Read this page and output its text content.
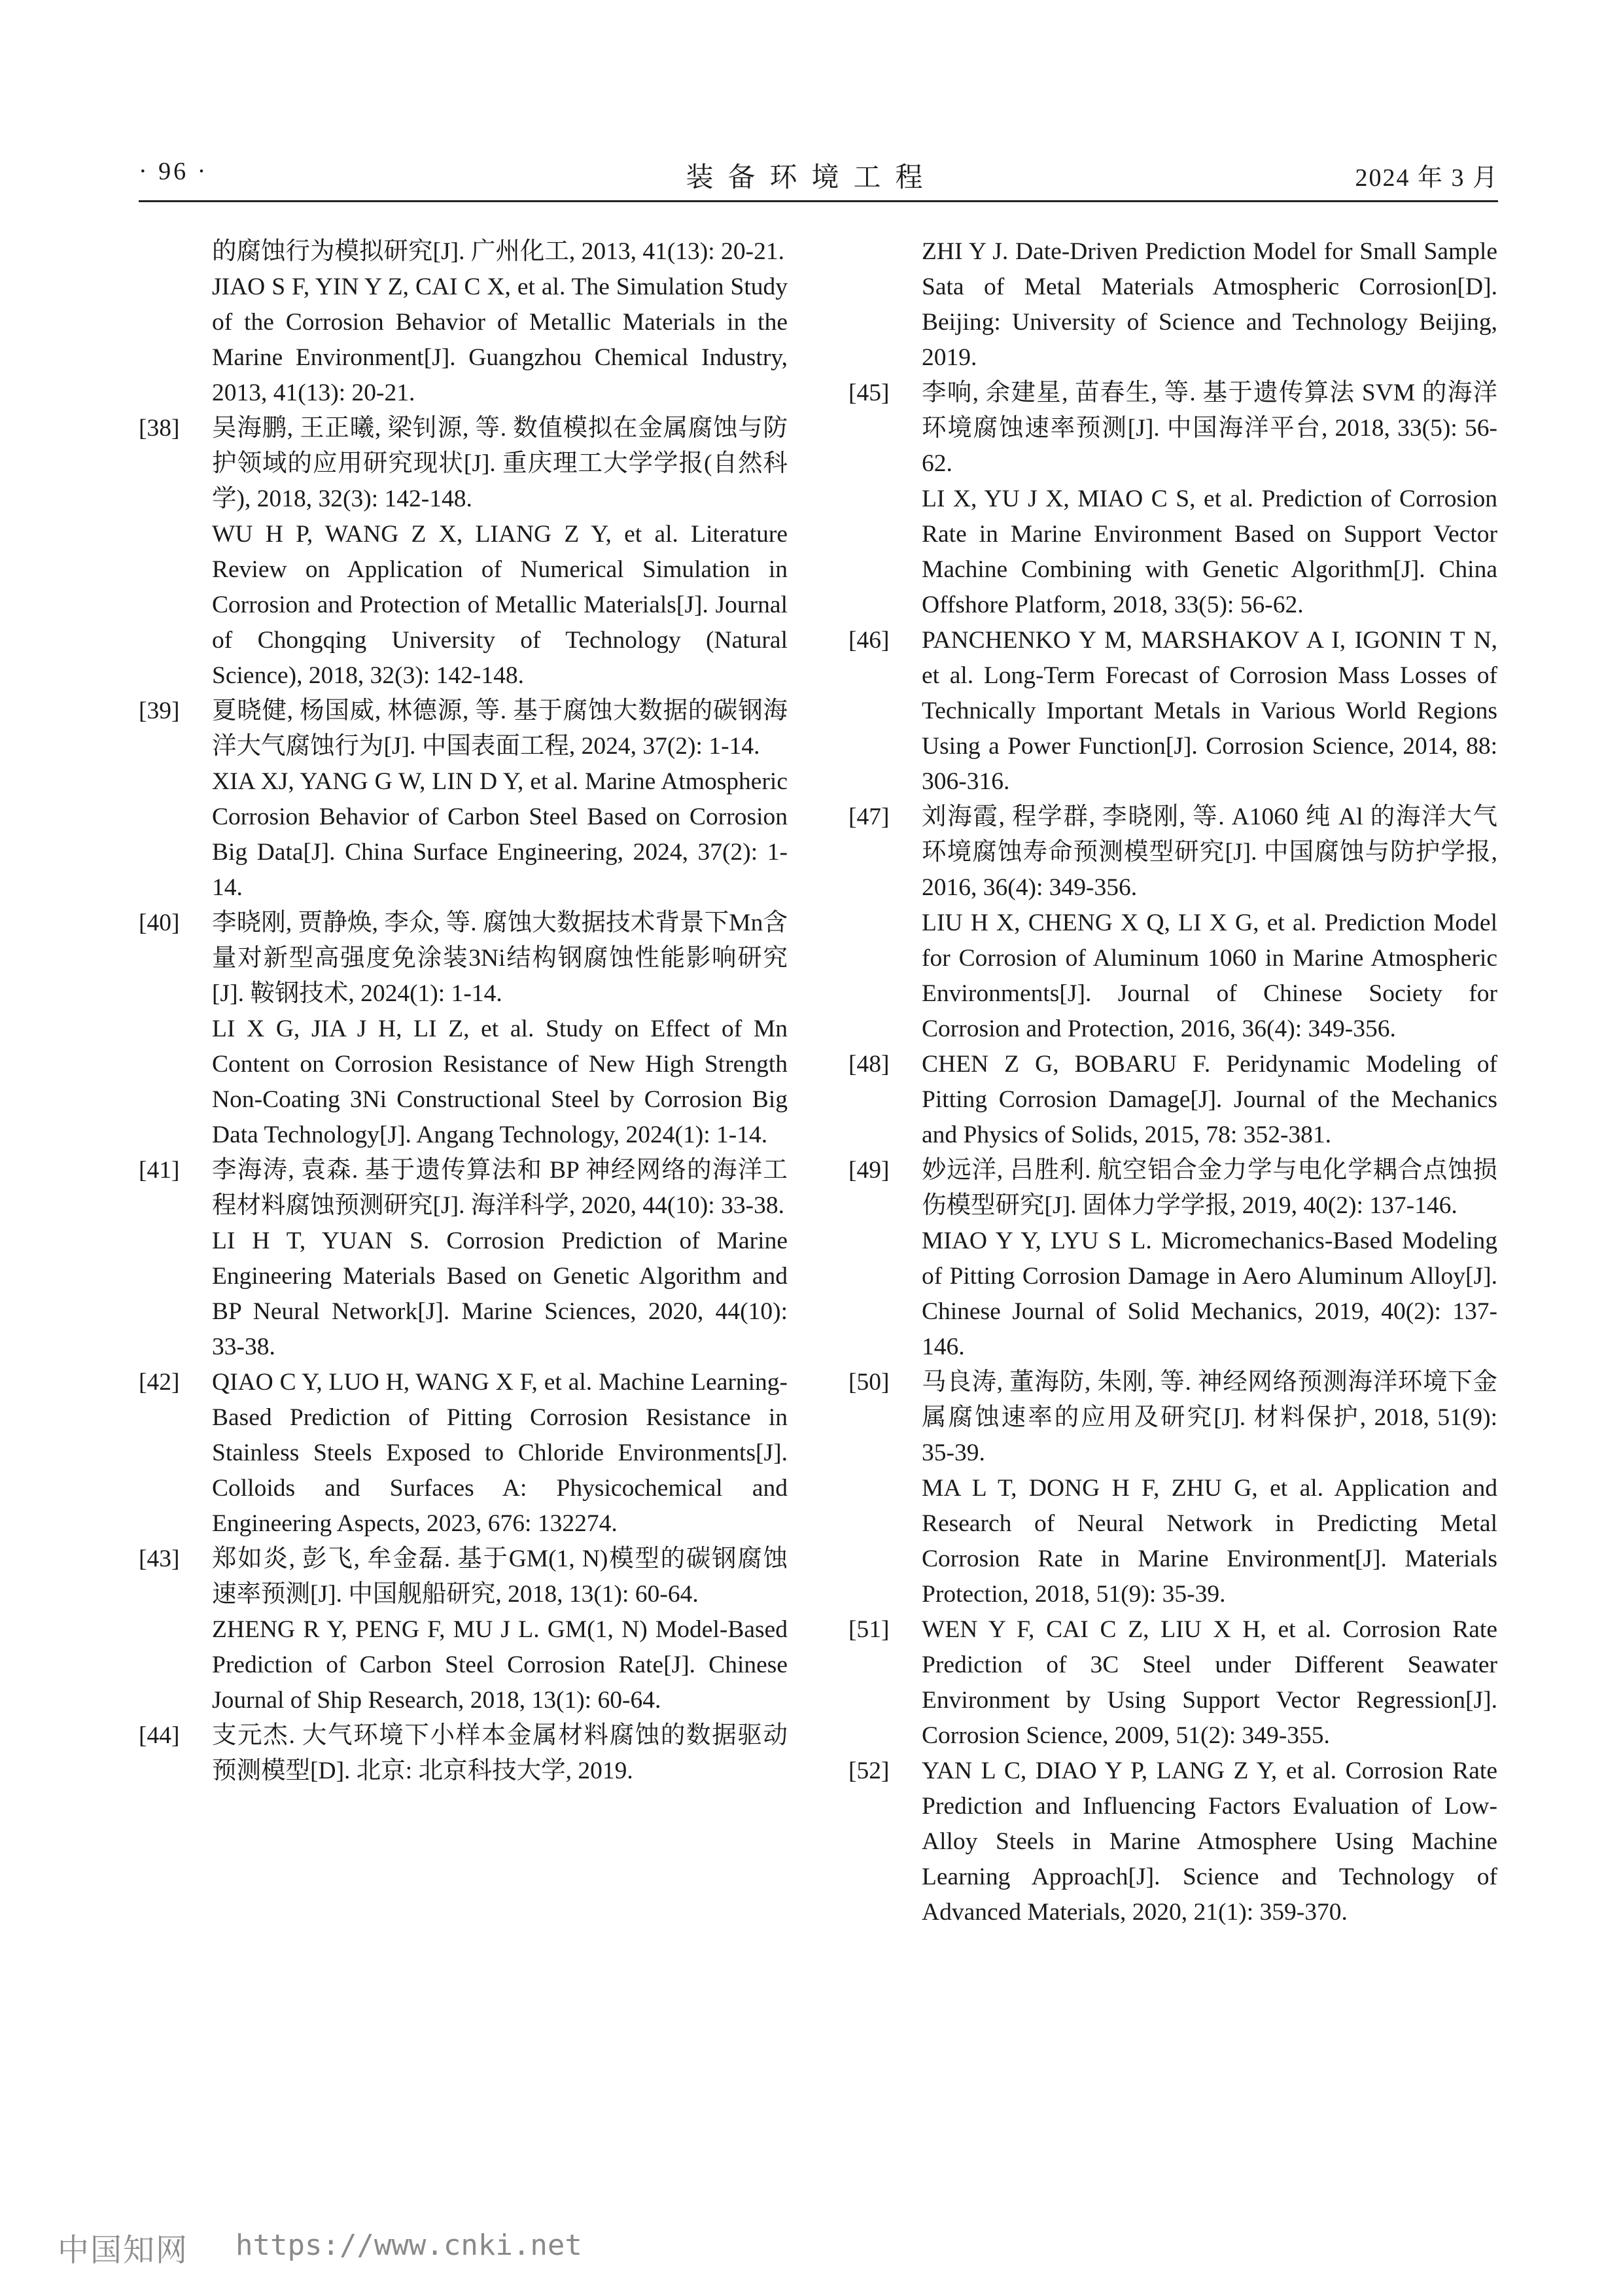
· 96 ·	装备环境工程	2024 年 3 月
的腐蚀行为模拟研究[J]. 广州化工, 2013, 41(13): 20-21.
JIAO S F, YIN Y Z, CAI C X, et al. The Simulation Study of the Corrosion Behavior of Metallic Materials in the Marine Environment[J]. Guangzhou Chemical Industry, 2013, 41(13): 20-21.
[38] 吴海鹏, 王正曦, 梁钊源, 等. 数值模拟在金属腐蚀与防护领域的应用研究现状[J]. 重庆理工大学学报(自然科学), 2018, 32(3): 142-148.
WU H P, WANG Z X, LIANG Z Y, et al. Literature Review on Application of Numerical Simulation in Corrosion and Protection of Metallic Materials[J]. Journal of Chongqing University of Technology (Natural Science), 2018, 32(3): 142-148.
[39] 夏晓健, 杨国威, 林德源, 等. 基于腐蚀大数据的碳钢海洋大气腐蚀行为[J]. 中国表面工程, 2024, 37(2): 1-14.
XIA XJ, YANG G W, LIN D Y, et al. Marine Atmospheric Corrosion Behavior of Carbon Steel Based on Corrosion Big Data[J]. China Surface Engineering, 2024, 37(2): 1-14.
[40] 李晓刚, 贾静焕, 李众, 等. 腐蚀大数据技术背景下Mn含量对新型高强度免涂装3Ni结构钢腐蚀性能影响研究[J]. 鞍钢技术, 2024(1): 1-14.
LI X G, JIA J H, LI Z, et al. Study on Effect of Mn Content on Corrosion Resistance of New High Strength Non-Coating 3Ni Constructional Steel by Corrosion Big Data Technology[J]. Angang Technology, 2024(1): 1-14.
[41] 李海涛, 袁森. 基于遗传算法和 BP 神经网络的海洋工程材料腐蚀预测研究[J]. 海洋科学, 2020, 44(10): 33-38.
LI H T, YUAN S. Corrosion Prediction of Marine Engineering Materials Based on Genetic Algorithm and BP Neural Network[J]. Marine Sciences, 2020, 44(10): 33-38.
[42] QIAO C Y, LUO H, WANG X F, et al. Machine Learning-Based Prediction of Pitting Corrosion Resistance in Stainless Steels Exposed to Chloride Environments[J]. Colloids and Surfaces A: Physicochemical and Engineering Aspects, 2023, 676: 132274.
[43] 郑如炎, 彭飞, 牟金磊. 基于GM(1, N)模型的碳钢腐蚀速率预测[J]. 中国舰船研究, 2018, 13(1): 60-64.
ZHENG R Y, PENG F, MU J L. GM(1, N) Model-Based Prediction of Carbon Steel Corrosion Rate[J]. Chinese Journal of Ship Research, 2018, 13(1): 60-64.
[44] 支元杰. 大气环境下小样本金属材料腐蚀的数据驱动预测模型[D]. 北京: 北京科技大学, 2019.
ZHI Y J. Date-Driven Prediction Model for Small Sample Sata of Metal Materials Atmospheric Corrosion[D]. Beijing: University of Science and Technology Beijing, 2019.
[45] 李响, 余建星, 苗春生, 等. 基于遗传算法 SVM 的海洋环境腐蚀速率预测[J]. 中国海洋平台, 2018, 33(5): 56-62.
LI X, YU J X, MIAO C S, et al. Prediction of Corrosion Rate in Marine Environment Based on Support Vector Machine Combining with Genetic Algorithm[J]. China Offshore Platform, 2018, 33(5): 56-62.
[46] PANCHENKO Y M, MARSHAKOV A I, IGONIN T N, et al. Long-Term Forecast of Corrosion Mass Losses of Technically Important Metals in Various World Regions Using a Power Function[J]. Corrosion Science, 2014, 88: 306-316.
[47] 刘海霞, 程学群, 李晓刚, 等. A1060 纯 Al 的海洋大气环境腐蚀寿命预测模型研究[J]. 中国腐蚀与防护学报, 2016, 36(4): 349-356.
LIU H X, CHENG X Q, LI X G, et al. Prediction Model for Corrosion of Aluminum 1060 in Marine Atmospheric Environments[J]. Journal of Chinese Society for Corrosion and Protection, 2016, 36(4): 349-356.
[48] CHEN Z G, BOBARU F. Peridynamic Modeling of Pitting Corrosion Damage[J]. Journal of the Mechanics and Physics of Solids, 2015, 78: 352-381.
[49] 妙远洋, 吕胜利. 航空铝合金力学与电化学耦合点蚀损伤模型研究[J]. 固体力学学报, 2019, 40(2): 137-146.
MIAO Y Y, LYU S L. Micromechanics-Based Modeling of Pitting Corrosion Damage in Aero Aluminum Alloy[J]. Chinese Journal of Solid Mechanics, 2019, 40(2): 137-146.
[50] 马良涛, 董海防, 朱刚, 等. 神经网络预测海洋环境下金属腐蚀速率的应用及研究[J]. 材料保护, 2018, 51(9): 35-39.
MA L T, DONG H F, ZHU G, et al. Application and Research of Neural Network in Predicting Metal Corrosion Rate in Marine Environment[J]. Materials Protection, 2018, 51(9): 35-39.
[51] WEN Y F, CAI C Z, LIU X H, et al. Corrosion Rate Prediction of 3C Steel under Different Seawater Environment by Using Support Vector Regression[J]. Corrosion Science, 2009, 51(2): 349-355.
[52] YAN L C, DIAO Y P, LANG Z Y, et al. Corrosion Rate Prediction and Influencing Factors Evaluation of Low-Alloy Steels in Marine Atmosphere Using Machine Learning Approach[J]. Science and Technology of Advanced Materials, 2020, 21(1): 359-370.
中国知网 https://www.cnki.net
